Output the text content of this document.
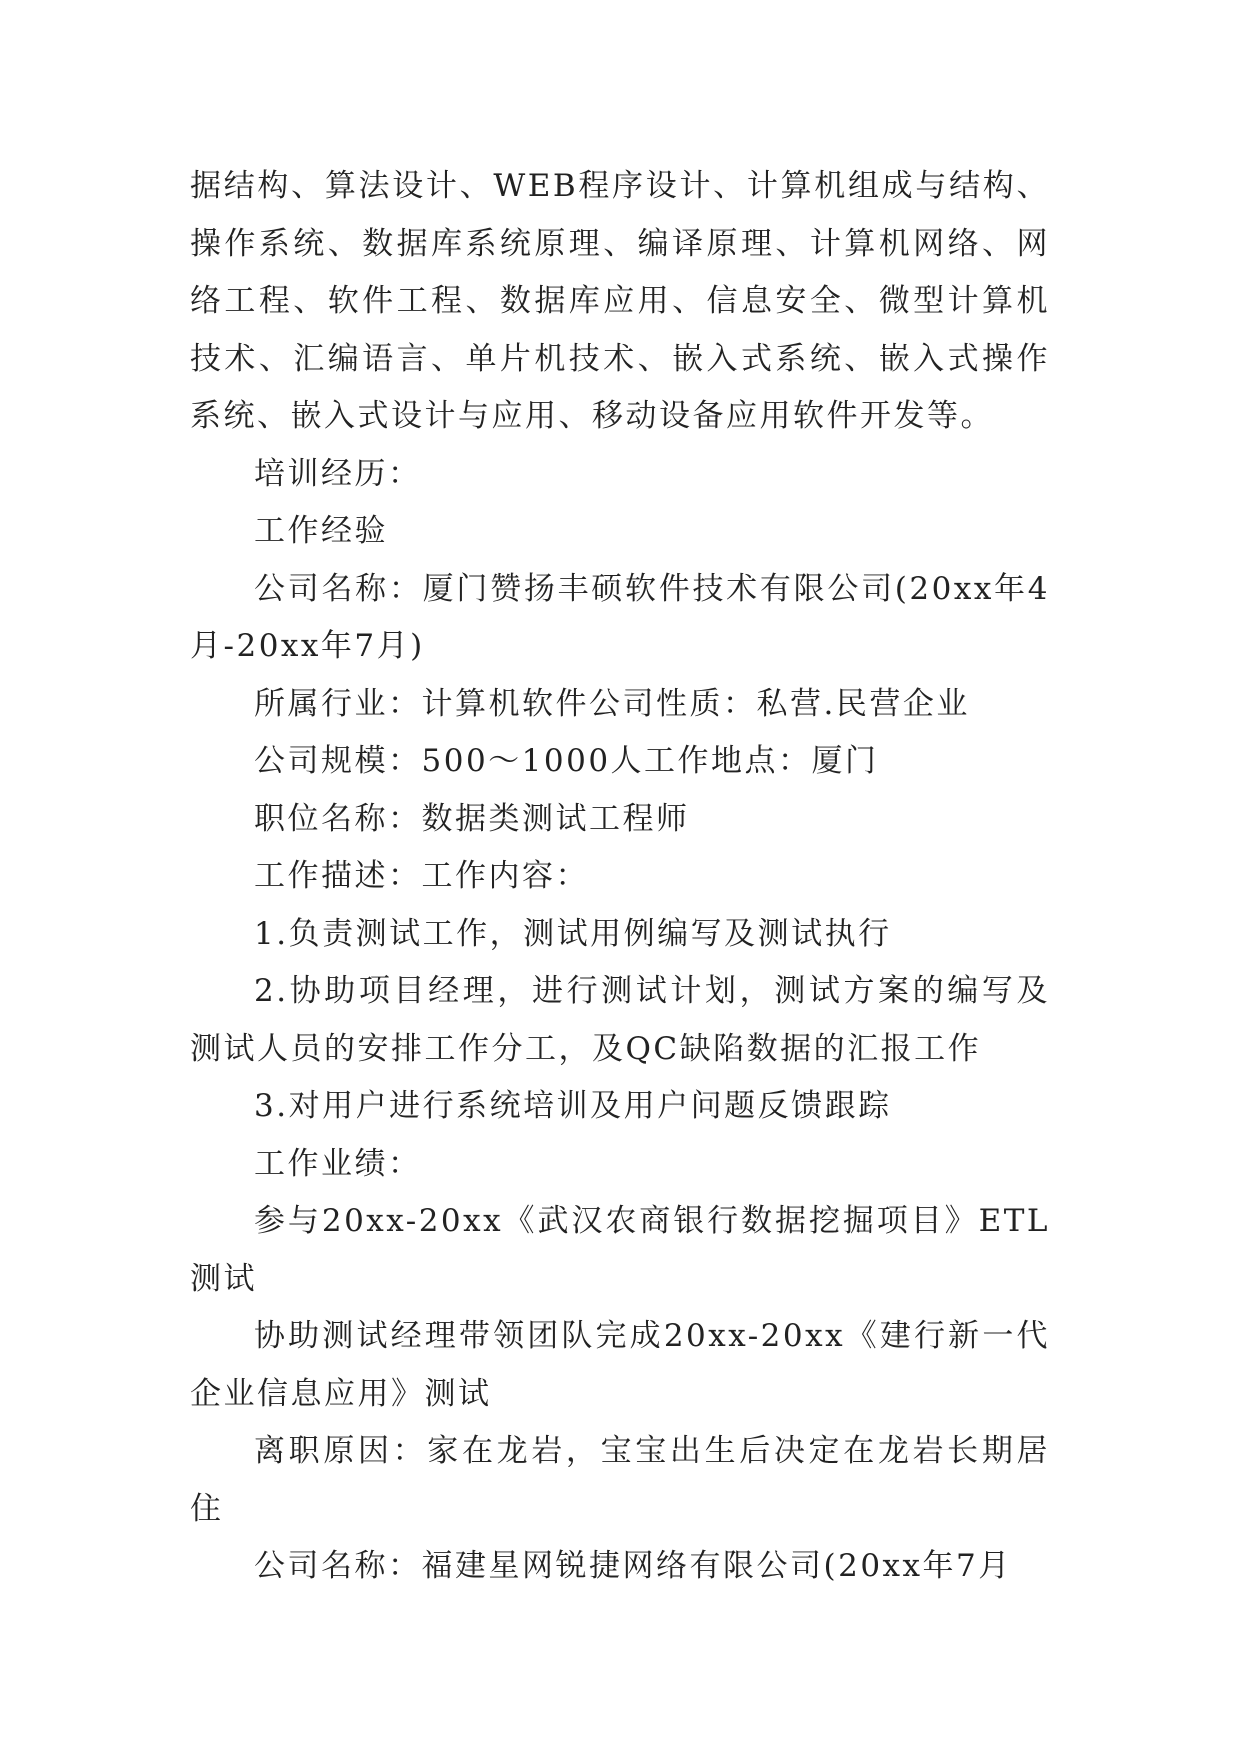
据结构、算法设计、WEB程序设计、计算机组成与结构、操作系统、数据库系统原理、编译原理、计算机网络、网络工程、软件工程、数据库应用、信息安全、微型计算机技术、汇编语言、单片机技术、嵌入式系统、嵌入式操作系统、嵌入式设计与应用、移动设备应用软件开发等。

培训经历：

工作经验

公司名称：厦门赞扬丰硕软件技术有限公司(20xx年4月-20xx年7月)

所属行业：计算机软件公司性质：私营.民营企业

公司规模：500～1000人工作地点：厦门

职位名称：数据类测试工程师

工作描述：工作内容：

1.负责测试工作，测试用例编写及测试执行

2.协助项目经理，进行测试计划，测试方案的编写及测试人员的安排工作分工，及QC缺陷数据的汇报工作

3.对用户进行系统培训及用户问题反馈跟踪

工作业绩：

参与20xx-20xx《武汉农商银行数据挖掘项目》ETL测试

协助测试经理带领团队完成20xx-20xx《建行新一代企业信息应用》测试

离职原因：家在龙岩，宝宝出生后决定在龙岩长期居住

公司名称：福建星网锐捷网络有限公司(20xx年7月
